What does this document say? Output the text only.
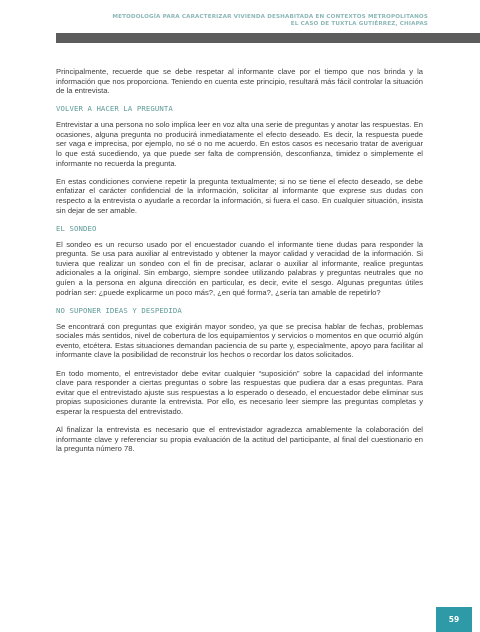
METODOLOGÍA PARA CARACTERIZAR VIVIENDA DESHABITADA EN CONTEXTOS METROPOLITANOS
EL CASO DE TUXTLA GUTIÉRREZ, CHIAPAS

Principalmente, recuerde que se debe respetar al informante clave por el tiempo que nos brinda y la información que nos proporciona. Teniendo en cuenta este principio, resultará más fácil controlar la situación de la entrevista.

VOLVER A HACER LA PREGUNTA

Entrevistar a una persona no solo implica leer en voz alta una serie de preguntas y anotar las respuestas. En ocasiones, alguna pregunta no producirá inmediatamente el efecto deseado. Es decir, la respuesta puede ser vaga e imprecisa, por ejemplo, no sé o no me acuerdo. En estos casos es necesario tratar de averiguar lo que está sucediendo, ya que puede ser falta de comprensión, desconfianza, timidez o simplemente el informante no recuerda la pregunta.

En estas condiciones conviene repetir la pregunta textualmente; si no se tiene el efecto deseado, se debe enfatizar el carácter confidencial de la información, solicitar al informante que exprese sus dudas con respecto a la entrevista o ayudarle a recordar la información, si fuera el caso. En cualquier situación, insista sin dejar de ser amable.

EL SONDEO

El sondeo es un recurso usado por el encuestador cuando el informante tiene dudas para responder la pregunta. Se usa para auxiliar al entrevistado y obtener la mayor calidad y veracidad de la información. Si tuviera que realizar un sondeo con el fin de precisar, aclarar o auxiliar al informante, realice preguntas adicionales a la original. Sin embargo, siempre sondee utilizando palabras y preguntas neutrales que no guíen a la persona en alguna dirección en particular, es decir, evite el sesgo. Algunas preguntas útiles podrían ser: ¿puede explicarme un poco más?, ¿en qué forma?, ¿sería tan amable de repetirlo?

NO SUPONER IDEAS Y DESPEDIDA

Se encontrará con preguntas que exigirán mayor sondeo, ya que se precisa hablar de fechas, problemas sociales más sentidos, nivel de cobertura de los equipamientos y servicios o momentos en que ocurrió algún evento, etcétera. Estas situaciones demandan paciencia de su parte y, especialmente, apoyo para facilitar al informante clave la posibilidad de reconstruir los hechos o recordar los datos solicitados.

En todo momento, el entrevistador debe evitar cualquier “suposición” sobre la capacidad del informante clave para responder a ciertas preguntas o sobre las respuestas que pudiera dar a esas preguntas. Para evitar que el entrevistado ajuste sus respuestas a lo esperado o deseado, el encuestador debe eliminar sus propias suposiciones durante la entrevista. Por ello, es necesario leer siempre las preguntas completas y esperar la respuesta del entrevistado.

Al finalizar la entrevista es necesario que el entrevistador agradezca amablemente la colaboración del informante clave y referenciar su propia evaluación de la actitud del participante, al final del cuestionario en la pregunta número 78.

59
